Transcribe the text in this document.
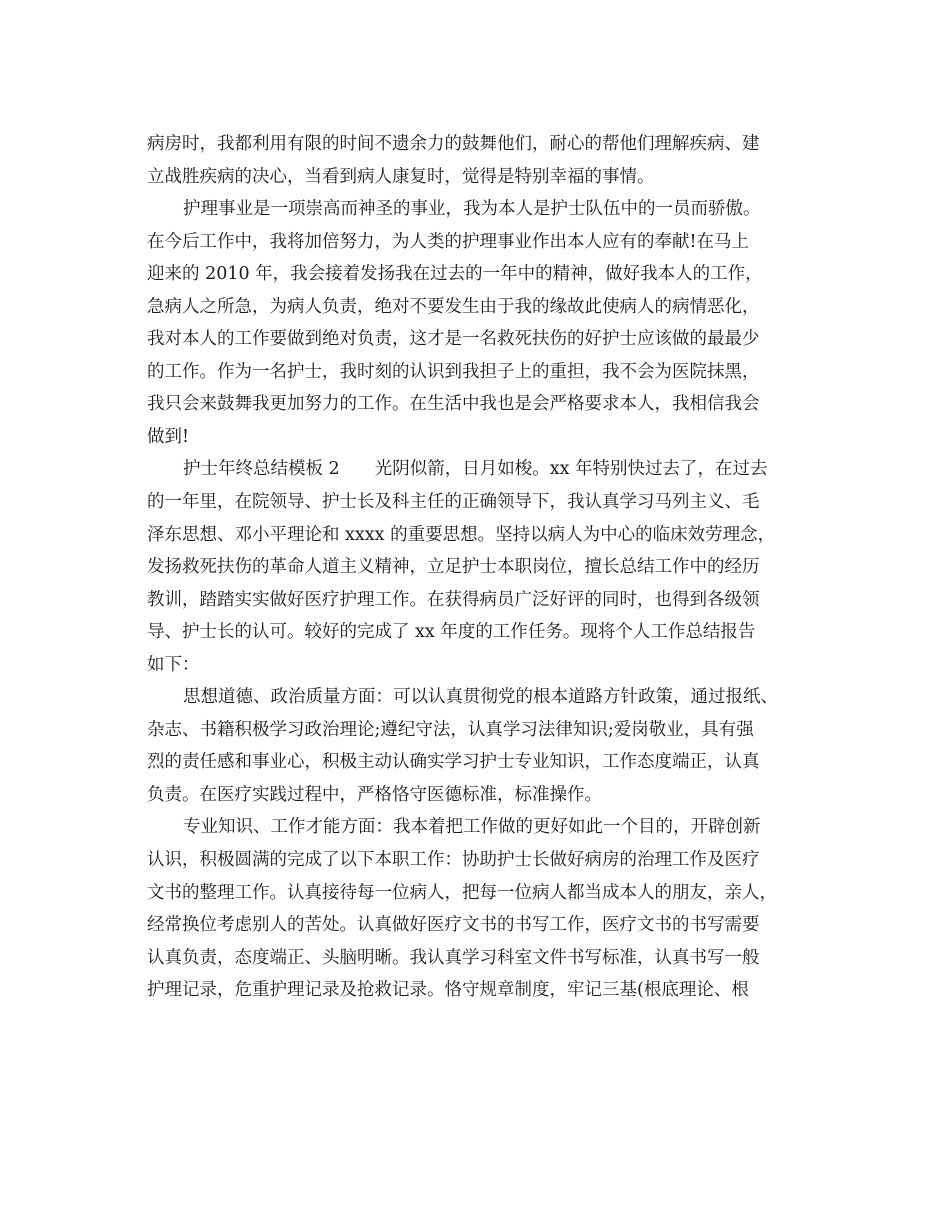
病房时，我都利用有限的时间不遗余力的鼓舞他们，耐心的帮他们理解疾病、建
立战胜疾病的决心，当看到病人康复时，觉得是特别幸福的事情。
护理事业是一项崇高而神圣的事业，我为本人是护士队伍中的一员而骄傲。
在今后工作中，我将加倍努力，为人类的护理事业作出本人应有的奉献!在马上
迎来的 2010 年，我会接着发扬我在过去的一年中的精神，做好我本人的工作，
急病人之所急，为病人负责，绝对不要发生由于我的缘故此使病人的病情恶化，
我对本人的工作要做到绝对负责，这才是一名救死扶伤的好护士应该做的最最少
的工作。作为一名护士，我时刻的认识到我担子上的重担，我不会为医院抹黑，
我只会来鼓舞我更加努力的工作。在生活中我也是会严格要求本人，我相信我会
做到!
护士年终总结模板 2　　光阴似箭，日月如梭。xx 年特别快过去了，在过去
的一年里，在院领导、护士长及科主任的正确领导下，我认真学习马列主义、毛
泽东思想、邓小平理论和 xxxx 的重要思想。坚持以病人为中心的临床效劳理念，
发扬救死扶伤的革命人道主义精神，立足护士本职岗位，擅长总结工作中的经历
教训，踏踏实实做好医疗护理工作。在获得病员广泛好评的同时，也得到各级领
导、护士长的认可。较好的完成了 xx 年度的工作任务。现将个人工作总结报告
如下：
思想道德、政治质量方面：可以认真贯彻党的根本道路方针政策，通过报纸、
杂志、书籍积极学习政治理论;遵纪守法，认真学习法律知识;爱岗敬业，具有强
烈的责任感和事业心，积极主动认确实学习护士专业知识，工作态度端正，认真
负责。在医疗实践过程中，严格恪守医德标准，标准操作。
专业知识、工作才能方面：我本着把工作做的更好如此一个目的，开辟创新
认识，积极圆满的完成了以下本职工作：协助护士长做好病房的治理工作及医疗
文书的整理工作。认真接待每一位病人，把每一位病人都当成本人的朋友，亲人，
经常换位考虑别人的苦处。认真做好医疗文书的书写工作，医疗文书的书写需要
认真负责，态度端正、头脑明晰。我认真学习科室文件书写标准，认真书写一般
护理记录，危重护理记录及抢救记录。恪守规章制度，牢记三基(根底理论、根
